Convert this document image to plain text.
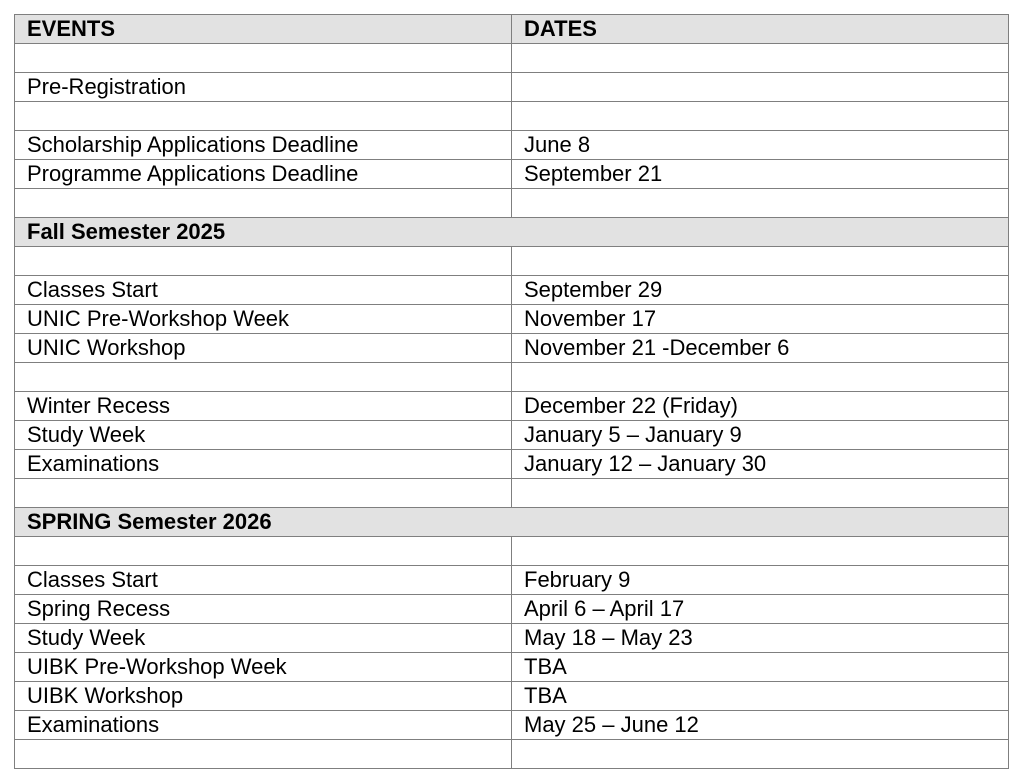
EVENTS	DATES

Pre-Registration	

Scholarship Applications Deadline	June 8
Programme Applications Deadline	September 21

Fall Semester 2025	

Classes Start	September 29
UNIC Pre-Workshop Week	November 17
UNIC Workshop	November 21 -December 6

Winter Recess	December 22 (Friday)
Study Week	January 5 – January 9
Examinations	January 12 – January 30

SPRING Semester 2026	

Classes Start	February 9
Spring Recess	April 6 – April 17
Study Week	May 18 – May 23
UIBK Pre-Workshop Week	TBA
UIBK Workshop	TBA
Examinations	May 25 – June 12
